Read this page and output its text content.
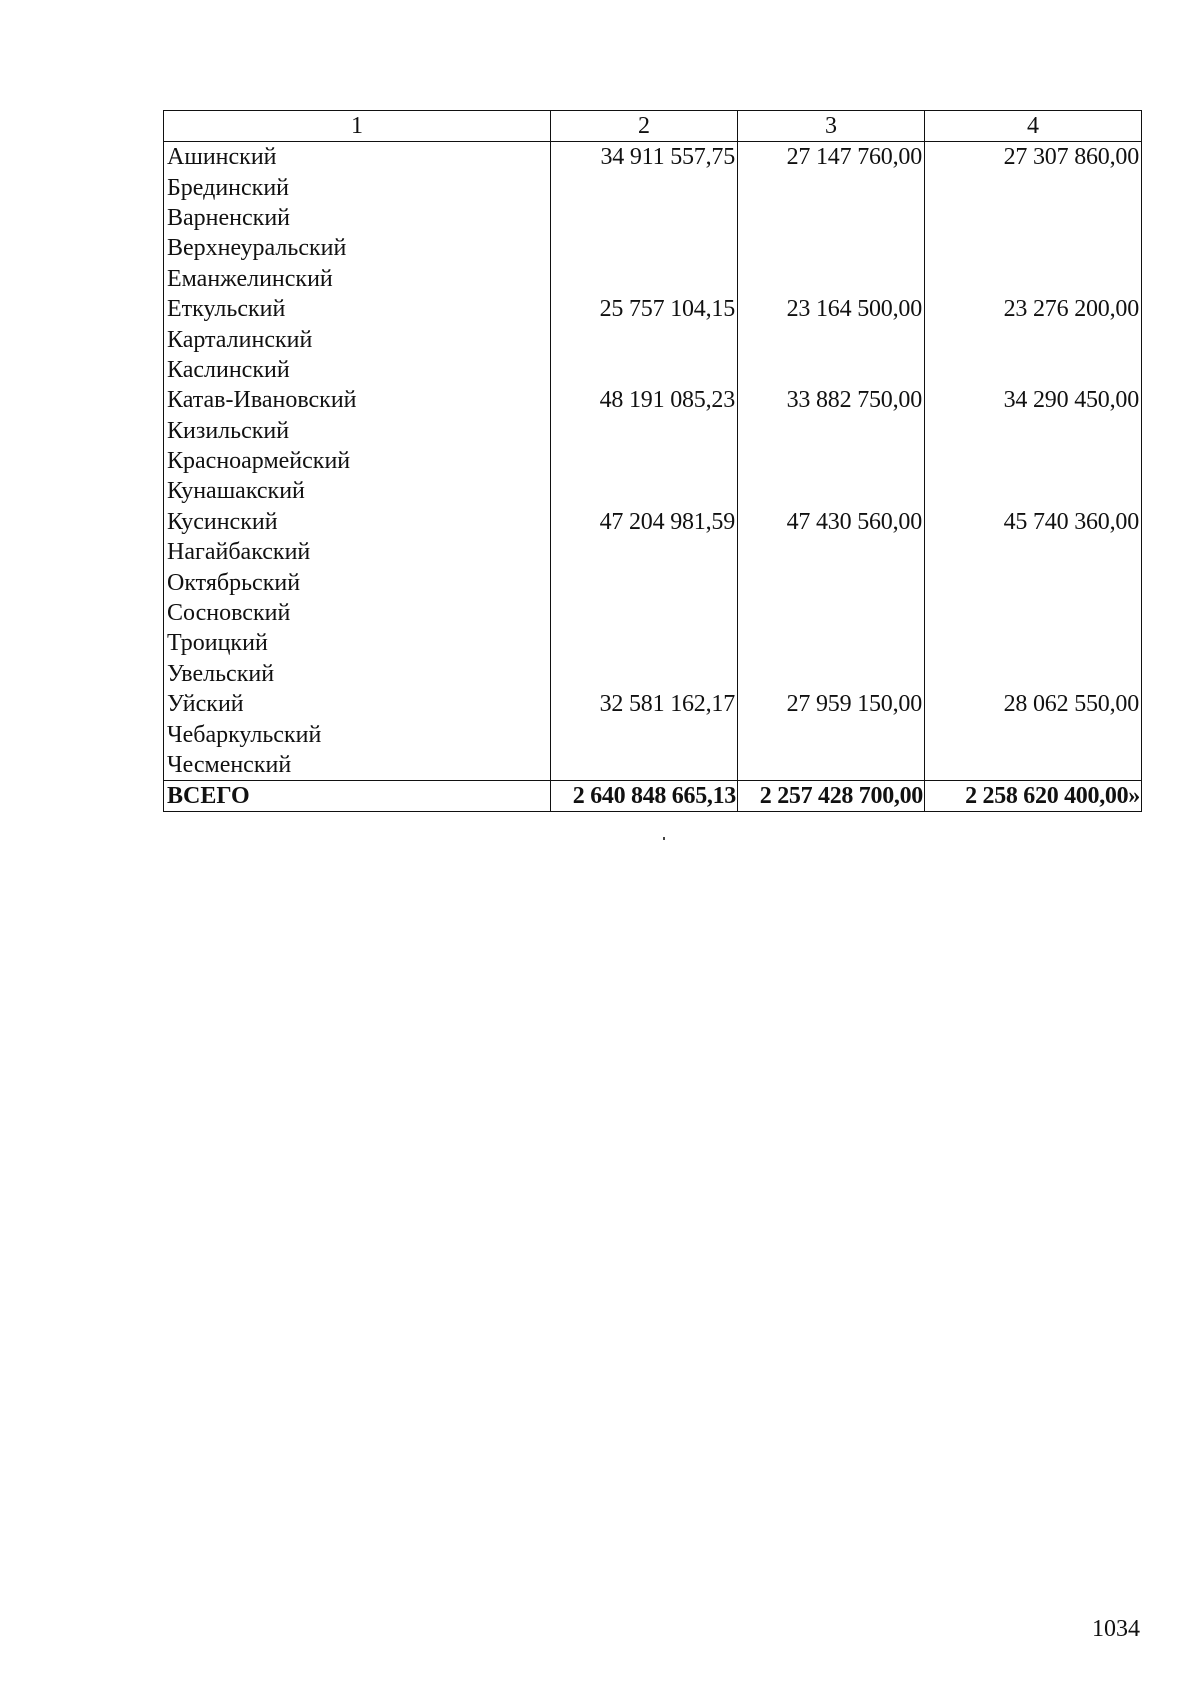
1	2	3	4
Ашинский	34 911 557,75	27 147 760,00	27 307 860,00
Брединский			
Варненский			
Верхнеуральский			
Еманжелинский			
Еткульский	25 757 104,15	23 164 500,00	23 276 200,00
Карталинский			
Каслинский			
Катав-Ивановский	48 191 085,23	33 882 750,00	34 290 450,00
Кизильский			
Красноармейский			
Кунашакский			
Кусинский	47 204 981,59	47 430 560,00	45 740 360,00
Нагайбакский			
Октябрьский			
Сосновский			
Троицкий			
Увельский			
Уйский	32 581 162,17	27 959 150,00	28 062 550,00
Чебаркульский			
Чесменский			
ВСЕГО	2 640 848 665,13	2 257 428 700,00	2 258 620 400,00»
1034
